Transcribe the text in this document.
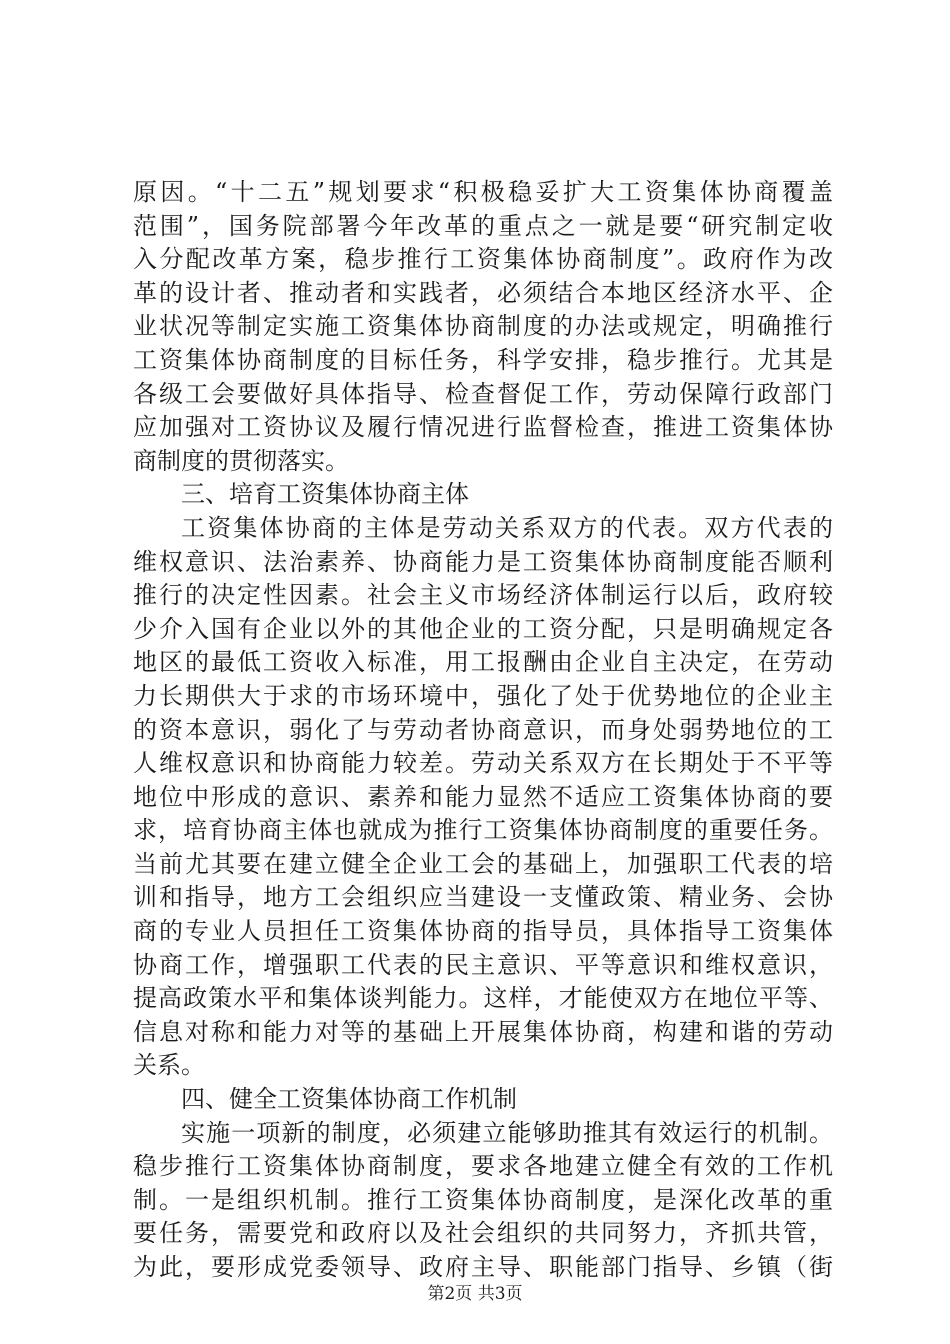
原因。“十二五”规划要求“积极稳妥扩大工资集体协商覆盖
范围”，国务院部署今年改革的重点之一就是要“研究制定收
入分配改革方案，稳步推行工资集体协商制度”。政府作为改
革的设计者、推动者和实践者，必须结合本地区经济水平、企
业状况等制定实施工资集体协商制度的办法或规定，明确推行
工资集体协商制度的目标任务，科学安排，稳步推行。尤其是
各级工会要做好具体指导、检查督促工作，劳动保障行政部门
应加强对工资协议及履行情况进行监督检查，推进工资集体协
商制度的贯彻落实。
三、培育工资集体协商主体
工资集体协商的主体是劳动关系双方的代表。双方代表的
维权意识、法治素养、协商能力是工资集体协商制度能否顺利
推行的决定性因素。社会主义市场经济体制运行以后，政府较
少介入国有企业以外的其他企业的工资分配，只是明确规定各
地区的最低工资收入标准，用工报酬由企业自主决定，在劳动
力长期供大于求的市场环境中，强化了处于优势地位的企业主
的资本意识，弱化了与劳动者协商意识，而身处弱势地位的工
人维权意识和协商能力较差。劳动关系双方在长期处于不平等
地位中形成的意识、素养和能力显然不适应工资集体协商的要
求，培育协商主体也就成为推行工资集体协商制度的重要任务。
当前尤其要在建立健全企业工会的基础上，加强职工代表的培
训和指导，地方工会组织应当建设一支懂政策、精业务、会协
商的专业人员担任工资集体协商的指导员，具体指导工资集体
协商工作，增强职工代表的民主意识、平等意识和维权意识，
提高政策水平和集体谈判能力。这样，才能使双方在地位平等、
信息对称和能力对等的基础上开展集体协商，构建和谐的劳动
关系。
四、健全工资集体协商工作机制
实施一项新的制度，必须建立能够助推其有效运行的机制。
稳步推行工资集体协商制度，要求各地建立健全有效的工作机
制。一是组织机制。推行工资集体协商制度，是深化改革的重
要任务，需要党和政府以及社会组织的共同努力，齐抓共管，
为此，要形成党委领导、政府主导、职能部门指导、乡镇（街
第2页 共3页
